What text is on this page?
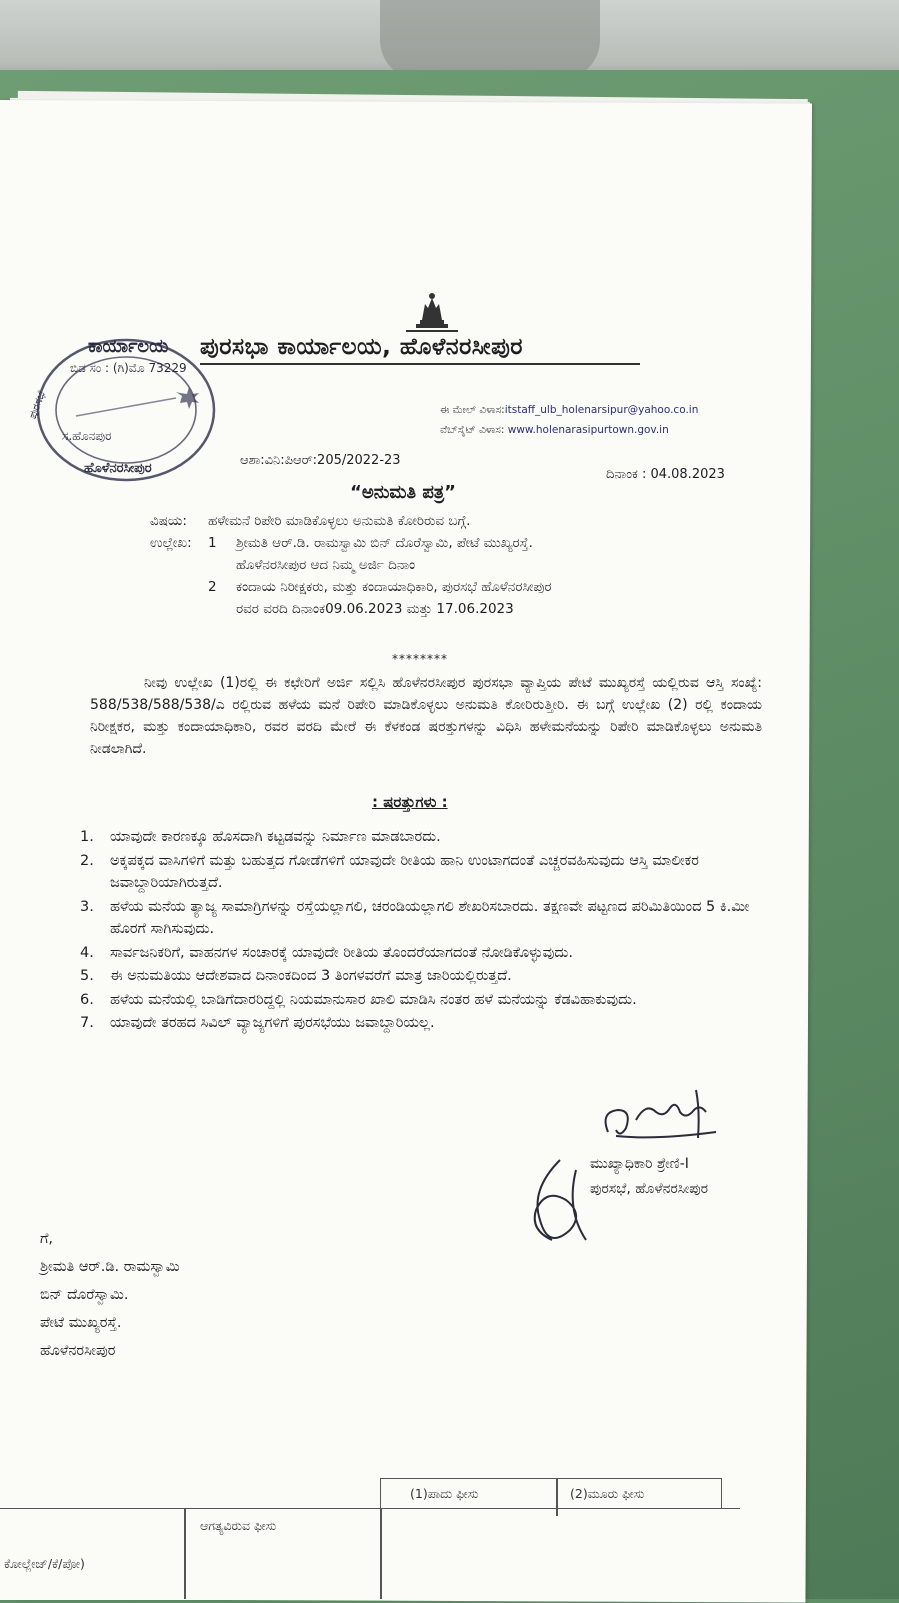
ಪುರಸಭಾ ಕಾರ್ಯಾಲಯ, ಹೊಳೆನರಸೀಪುರ
ಈ ಮೇಲ್ ವಿಳಾಸ:itstaff_ulb_holenarsipur@yahoo.co.in
ವೆಬ್‌ಸೈಟ್ ವಿಳಾಸ: www.holenarasipurtown.gov.in
ಕಾರ್ಯಾಲಯ
ಸ.ಹೊನಪುರ
ಹೊಳೆನರಸೀಪುರ
ಪುರಸಭೆ
ಬಿಡ ಸಂ : (ಗಿ)ಮೊ 73229
ಆಶಾ:ವಿನಿ:ಪಿಆರ್:205/2022-23
ದಿನಾಂಕ : 04.08.2023
“ಅನುಮತಿ ಪತ್ರ”
ವಿಷಯ: ಹಳೇಮನೆ ರಿಪೇರಿ ಮಾಡಿಕೊಳ್ಳಲು ಅನುಮತಿ ಕೋರಿರುವ ಬಗ್ಗೆ.
ಉಲ್ಲೇಖ: 1 ಶ್ರೀಮತಿ ಆರ್.ಡಿ. ರಾಮಸ್ವಾಮಿ ಬಿನ್ ದೊರೆಸ್ವಾಮಿ, ಪೇಟೆ ಮುಖ್ಯರಸ್ತೆ.
ಹೊಳೆನರಸೀಪುರ ಆದ ನಿಮ್ಮ ಅರ್ಜಿ ದಿನಾಂ
2 ಕಂದಾಯ ನಿರೀಕ್ಷಕರು, ಮತ್ತು ಕಂದಾಯಾಧಿಕಾರಿ, ಪುರಸಭೆ ಹೊಳೆನರಸೀಪುರ
ರವರ ವರದಿ ದಿನಾಂಕ09.06.2023 ಮತ್ತು 17.06.2023
********
ನೀವು ಉಲ್ಲೇಖ (1)ರಲ್ಲಿ ಈ ಕಛೇರಿಗೆ ಅರ್ಜಿ ಸಲ್ಲಿಸಿ ಹೊಳೆನರಸೀಪುರ ಪುರಸಭಾ ವ್ಯಾಪ್ತಿಯ ಪೇಟೆ ಮುಖ್ಯರಸ್ತೆ ಯಲ್ಲಿರುವ ಆಸ್ತಿ ಸಂಖ್ಯೆ: 588/538/588/538/ಎ ರಲ್ಲಿರುವ ಹಳೆಯ ಮನೆ ರಿಪೇರಿ ಮಾಡಿಕೊಳ್ಳಲು ಅನುಮತಿ ಕೋರಿರುತ್ತೀರಿ. ಈ ಬಗ್ಗೆ ಉಲ್ಲೇಖ (2) ರಲ್ಲಿ ಕಂದಾಯ ನಿರೀಕ್ಷಕರ, ಮತ್ತು ಕಂದಾಯಾಧಿಕಾರಿ, ರವರ ವರದಿ ಮೇರೆ ಈ ಕೆಳಕಂಡ ಷರತ್ತುಗಳನ್ನು ವಿಧಿಸಿ ಹಳೇಮನೆಯನ್ನು ರಿಪೇರಿ ಮಾಡಿಕೊಳ್ಳಲು ಅನುಮತಿ ನೀಡಲಾಗಿದೆ.
: ಷರತ್ತುಗಳು :
1.	ಯಾವುದೇ ಕಾರಣಕ್ಕೂ ಹೊಸದಾಗಿ ಕಟ್ಟಡವನ್ನು ನಿರ್ಮಾಣ ಮಾಡಬಾರದು.
2.	ಅಕ್ಕಪಕ್ಕದ ವಾಸಿಗಳಿಗೆ ಮತ್ತು ಬಹುತ್ತದ ಗೋಡೆಗಳಿಗೆ ಯಾವುದೇ ರೀತಿಯ ಹಾನಿ ಉಂಟಾಗದಂತೆ ಎಚ್ಚರವಹಿಸುವುದು ಆಸ್ತಿ ಮಾಲೀಕರ ಜವಾಬ್ದಾರಿಯಾಗಿರುತ್ತದೆ.
3.	ಹಳೆಯ ಮನೆಯ ತ್ಯಾಜ್ಯ ಸಾಮಾಗ್ರಿಗಳನ್ನು ರಸ್ತೆಯಲ್ಲಾಗಲಿ, ಚರಂಡಿಯಲ್ಲಾಗಲಿ ಶೇಖರಿಸಬಾರದು. ತಕ್ಷಣವೇ ಪಟ್ಟಣದ ಪರಿಮಿತಿಯಿಂದ 5 ಕಿ.ಮೀ ಹೊರಗೆ ಸಾಗಿಸುವುದು.
4.	ಸಾರ್ವಜನಿಕರಿಗೆ, ವಾಹನಗಳ ಸಂಚಾರಕ್ಕೆ ಯಾವುದೇ ರೀತಿಯ ತೊಂದರೆಯಾಗದಂತೆ ನೋಡಿಕೊಳ್ಳುವುದು.
5.	ಈ ಅನುಮತಿಯು ಆದೇಶವಾದ ದಿನಾಂಕದಿಂದ 3 ತಿಂಗಳವರೆಗೆ ಮಾತ್ರ ಜಾರಿಯಲ್ಲಿರುತ್ತದೆ.
6.	ಹಳೆಯ ಮನೆಯಲ್ಲಿ ಬಾಡಿಗೆದಾರರಿದ್ದಲ್ಲಿ ನಿಯಮಾನುಸಾರ ಖಾಲಿ ಮಾಡಿಸಿ ನಂತರ ಹಳೆ ಮನೆಯನ್ನು ಕೆಡವಿಹಾಕುವುದು.
7.	ಯಾವುದೇ ತರಹದ ಸಿವಿಲ್ ವ್ಯಾಜ್ಯಗಳಿಗೆ ಪುರಸಭೆಯು ಜವಾಬ್ದಾರಿಯಲ್ಲ.
ಮುಖ್ಯಾಧಿಕಾರಿ ಶ್ರೇಣಿ-I
ಪುರಸಭೆ, ಹೊಳೆನರಸೀಪುರ
ಗೆ,
ಶ್ರೀಮತಿ ಆರ್.ಡಿ. ರಾಮಸ್ವಾಮಿ
ಬಿನ್ ದೊರೆಸ್ವಾಮಿ.
ಪೇಟೆ ಮುಖ್ಯರಸ್ತೆ.
ಹೊಳೆನರಸೀಪುರ
(1)ಪಾದು ಫೀಸು	(2)ಮೂರು ಫೀಸು
ಆಗತ್ಯವಿರುವ ಫೀಸು
ಕೋಲ್ಲೇಜ್/ಕೆ/ಪೋ)
